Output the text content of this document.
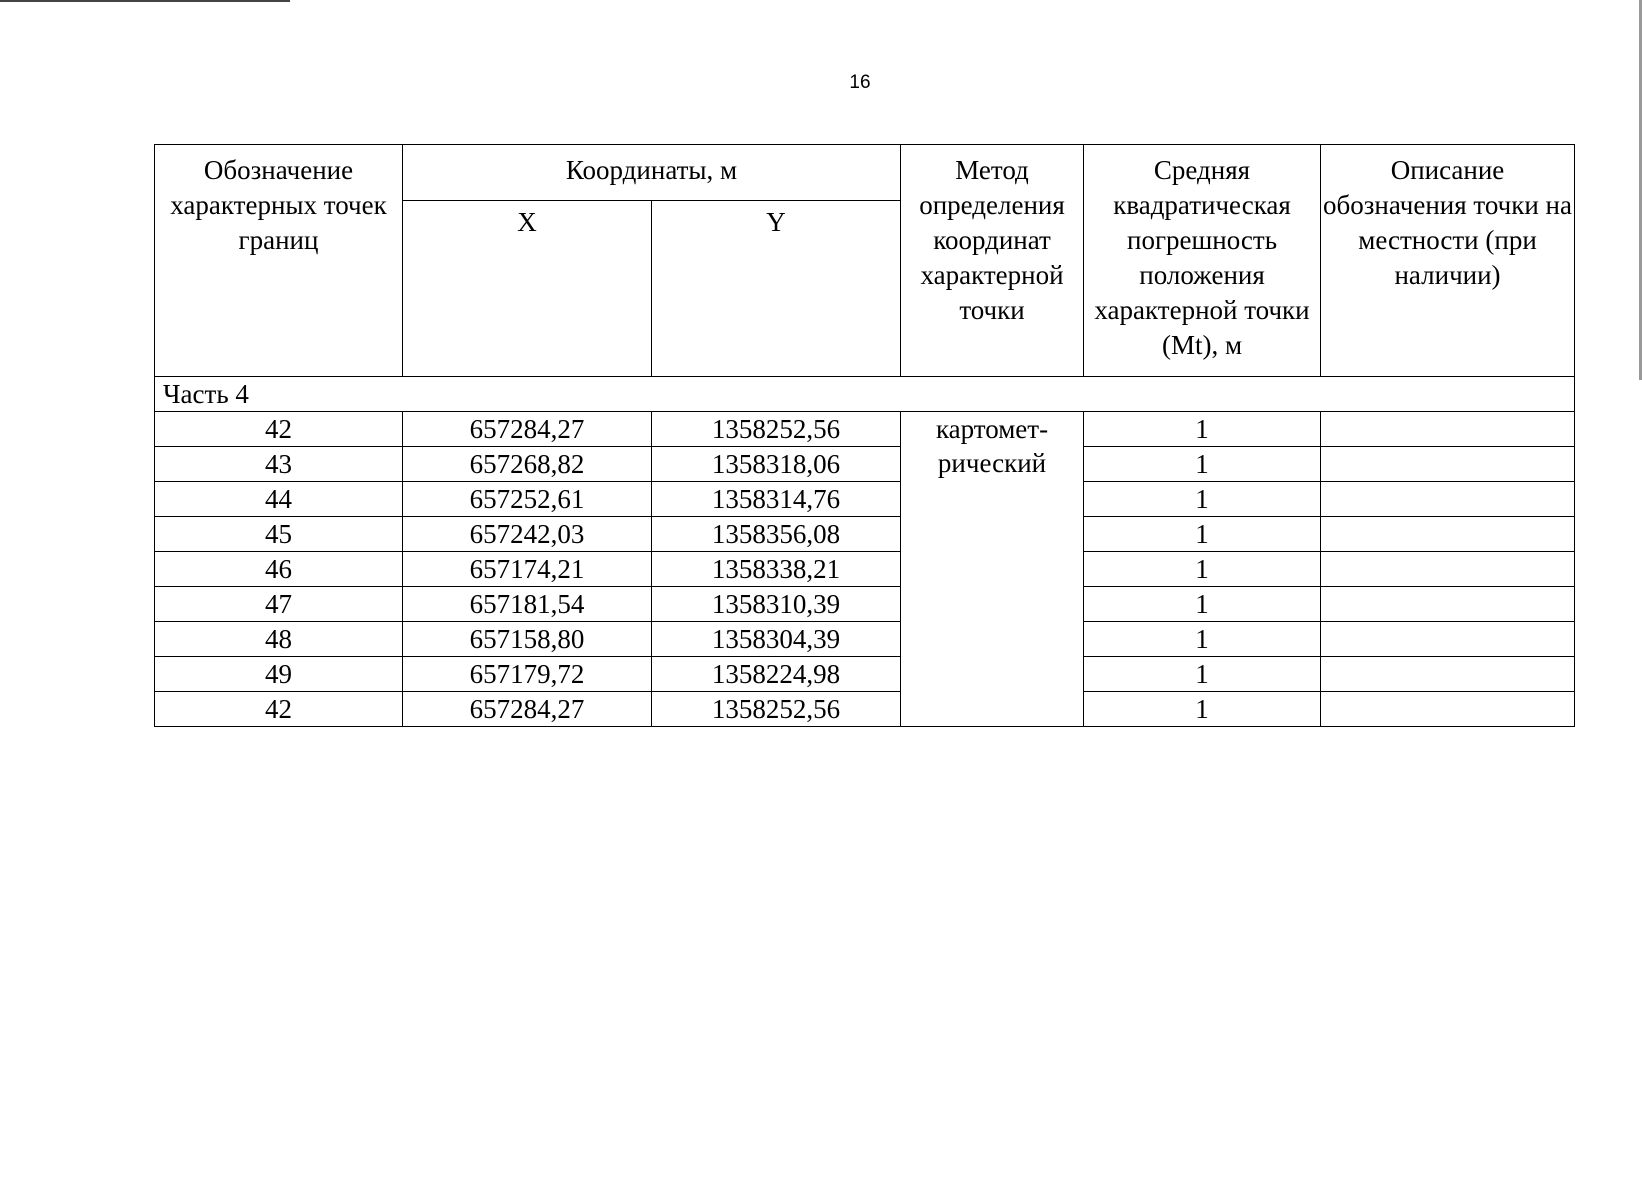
16
Обозначение характерных точек границ	Координаты, м		Метод определения координат характерной точки	Средняя квадратическая погрешность положения характерной точки (Mt), м	Описание обозначения точки на местности (при наличии)
	X	Y			
Часть 4					
42	657284,27	1358252,56	картомет-рический	1	
43	657268,82	1358318,06		1	
44	657252,61	1358314,76		1	
45	657242,03	1358356,08		1	
46	657174,21	1358338,21		1	
47	657181,54	1358310,39		1	
48	657158,80	1358304,39		1	
49	657179,72	1358224,98		1	
42	657284,27	1358252,56		1	
